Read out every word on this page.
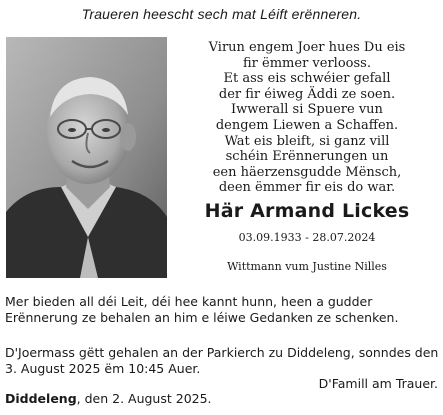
Traueren heescht sech mat Léift erënneren.
Virun engem Joer hues Du eis
fir ëmmer verlooss.
Et ass eis schwéier gefall
der fir éiweg Äddi ze soen.
Iwwerall si Spuere vun
dengem Liewen a Schaffen.
Wat eis bleift, si ganz vill
schéin Erënnerungen un
een häerzensgudde Mënsch,
deen ëmmer fir eis do war.
Här Armand Lickes
03.09.1933 - 28.07.2024
Wittmann vum Justine Nilles
Mer bieden all déi Leit, déi hee kannt hunn, heen a gudder Erënnerung ze behalen an him e léiwe Gedanken ze schenken.
D'Joermass gëtt gehalen an der Parkierch zu Diddeleng, sonndes den 3. August 2025 ëm 10:45 Auer.
D'Famill am Trauer.
Diddeleng, den 2. August 2025.
